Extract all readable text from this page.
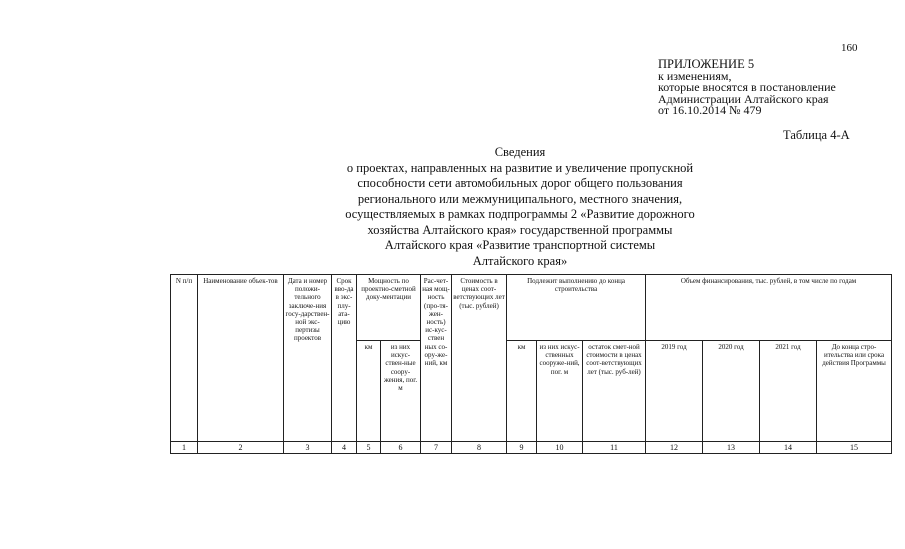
160
ПРИЛОЖЕНИЕ 5
к изменениям,
которые вносятся в постановление
Администрации Алтайского края
от 16.10.2014 № 479
Таблица 4-А
Сведения
о проектах, направленных на развитие и увеличение пропускной
способности сети автомобильных дорог общего пользования
регионального или межмуниципального, местного значения,
осуществляемых в рамках подпрограммы 2 «Развитие дорожного
хозяйства Алтайского края» государственной программы
Алтайского края «Развитие транспортной системы
Алтайского края»
N п/п	Наименование объек-тов	Дата и номер положи-тельного заключе-ния госу-дарствен-ной экс-пертизы проектов	Срок вво-да в экс-плу-ата-цию	Мощность по проектно-сметной доку-ментации		Рас-чет-ная мощ-ность (про-тя-жен-ность) ис-кус-ствен ных со-ору-же-ний, км	Стоимость в ценах соот-ветствующих лет (тыс. рублей)	Подлежит выполнению до конца строительства			Объем финансирования, тыс. рублей, в том числе по годам			
				км	из них искус-ствен-ные соору-жения, пог. м			км	из них искус-ственных сооруже-ний, пог. м	остаток смет-ной стоимости в ценах соот-ветствующих лет (тыс. руб-лей)	2019 год	2020 год	2021 год	До конца стро-ительства или срока действия Программы
1	2	3	4	5	6	7	8	9	10	11	12	13	14	15
